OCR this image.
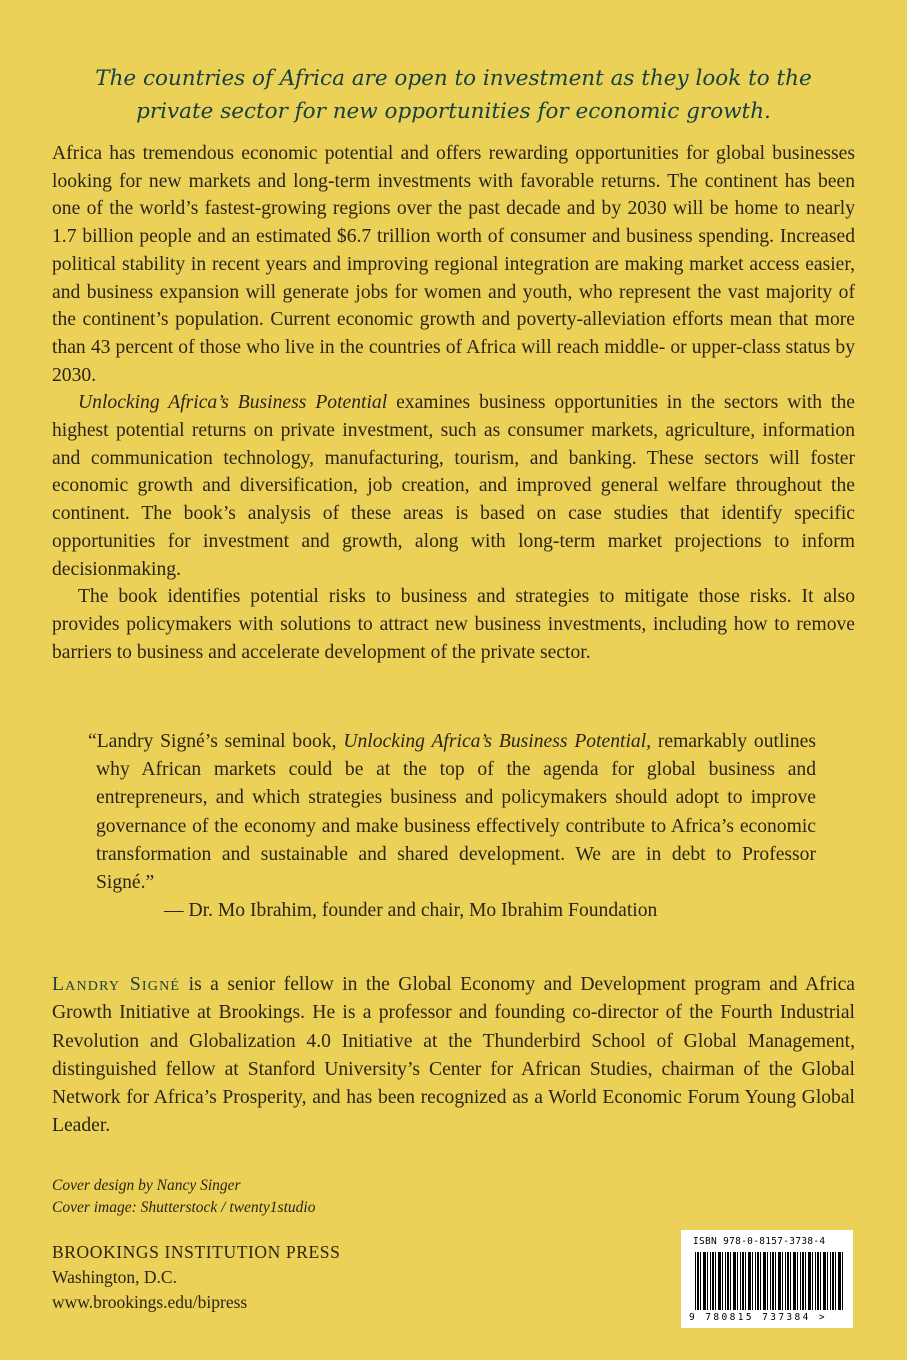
The countries of Africa are open to investment as they look to the
private sector for new opportunities for economic growth.

Africa has tremendous economic potential and offers rewarding opportunities for global businesses looking for new markets and long-term investments with favorable returns. The continent has been one of the world’s fastest-growing regions over the past decade and by 2030 will be home to nearly 1.7 billion people and an estimated $6.7 trillion worth of consumer and business spending. Increased political stability in recent years and improving regional integration are making market access easier, and business expansion will generate jobs for women and youth, who represent the vast majority of the continent’s population. Current economic growth and poverty-alleviation efforts mean that more than 43 percent of those who live in the countries of Africa will reach middle- or upper-class status by 2030.

Unlocking Africa’s Business Potential examines business opportunities in the sectors with the highest potential returns on private investment, such as consumer markets, agriculture, information and communication technology, manufacturing, tourism, and banking. These sectors will foster economic growth and diversification, job creation, and improved general welfare throughout the continent. The book’s analysis of these areas is based on case studies that identify specific opportunities for investment and growth, along with long-term market projections to inform decisionmaking.

The book identifies potential risks to business and strategies to mitigate those risks. It also provides policymakers with solutions to attract new business investments, including how to remove barriers to business and accelerate development of the private sector.

“Landry Signé’s seminal book, Unlocking Africa’s Business Potential, remarkably outlines why African markets could be at the top of the agenda for global business and entrepreneurs, and which strategies business and policymakers should adopt to improve governance of the economy and make business effectively contribute to Africa’s economic transformation and sustainable and shared development. We are in debt to Professor Signé.”

— Dr. Mo Ibrahim, founder and chair, Mo Ibrahim Foundation

Landry Signé is a senior fellow in the Global Economy and Development program and Africa Growth Initiative at Brookings. He is a professor and founding co-director of the Fourth Industrial Revolution and Globalization 4.0 Initiative at the Thunderbird School of Global Management, distinguished fellow at Stanford University’s Center for African Studies, chairman of the Global Network for Africa’s Prosperity, and has been recognized as a World Economic Forum Young Global Leader.
Cover design by Nancy Singer
Cover image: Shutterstock / twenty1studio
BROOKINGS INSTITUTION PRESS
Washington, D.C.
www.brookings.edu/bipress
ISBN 978-0-8157-3738-4
9 780815 737384 >
